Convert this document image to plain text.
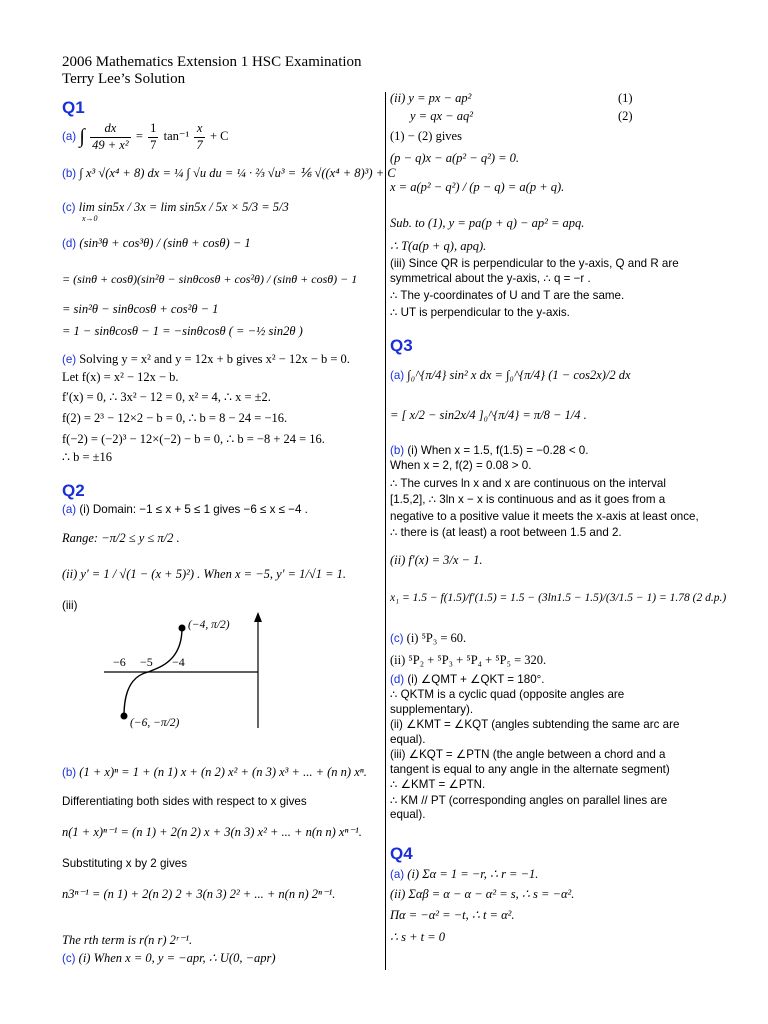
2006 Mathematics Extension 1 HSC Examination
Terry Lee’s Solution
Q1
(a) ∫ $\frac{dx}{\text{49 + x²}} = \frac{1}{7} \tan^{-1} \frac{x}{7} + C$
(b) ∫ x³ √(x⁴ + 8) dx = ¼ ∫ √u du = ¼ · ⅔ √u³ = ⅙ √((x⁴ + 8)³) + C
(c) lim sin5x / 3x = lim sin5x / 5x × 5/3 = 5/3
x→0
(d) (sin³θ + cos³θ) / (sinθ + cosθ) − 1
= (sinθ + cosθ)(sin²θ − sinθcosθ + cos²θ) / (sinθ + cosθ) − 1
= sin²θ − sinθcosθ + cos²θ − 1
= 1 − sinθcosθ − 1 = −sinθcosθ ( = −½ sin2θ )
(e) Solving y = x² and y = 12x + b gives x² − 12x − b = 0.
Let f(x) = x² − 12x − b.
f′(x) = 0, ∴ 3x² − 12 = 0, x² = 4, ∴ x = ±2.
f(2) = 2³ − 12×2 − b = 0, ∴ b = 8 − 24 = −16.
f(−2) = (−2)³ − 12×(−2) − b = 0, ∴ b = −8 + 24 = 16.
∴ b = ±16
Q2
(a) (i) Domain: −1 ≤ x + 5 ≤ 1 gives −6 ≤ x ≤ −4 .
Range: −π/2 ≤ y ≤ π/2 .
(ii) y′ = 1 / √(1 − (x + 5)²) . When x = −5, y′ = 1/√1 = 1.
(iii)
−6 −5 −4
(−4, π/2)
(−6, −π/2)
(b) (1 + x)ⁿ = 1 + (n 1) x + (n 2) x² + (n 3) x³ + ... + (n n) xⁿ.
Differentiating both sides with respect to x gives
n(1 + x)ⁿ⁻¹ = (n 1) + 2(n 2) x + 3(n 3) x² + ... + n(n n) xⁿ⁻¹.
Substituting x by 2 gives
n3ⁿ⁻¹ = (n 1) + 2(n 2) 2 + 3(n 3) 2² + ... + n(n n) 2ⁿ⁻¹.
The rth term is r(n r) 2ʳ⁻¹.
(c) (i) When x = 0, y = −apr, ∴ U(0, −apr)
(ii) y = px − ap²	(1)
y = qx − aq²	(2)
(1) − (2) gives
(p − q)x − a(p² − q²) = 0.
x = a(p² − q²) / (p − q) = a(p + q).
Sub. to (1), y = pa(p + q) − ap² = apq.
∴ T(a(p + q), apq).
(iii) Since QR is perpendicular to the y-axis, Q and R are
symmetrical about the y-axis, ∴ q = −r .
∴ The y-coordinates of U and T are the same.
∴ UT is perpendicular to the y-axis.
Q3
(a) ∫₀^{π/4} sin² x dx = ∫₀^{π/4} (1 − cos2x)/2 dx
= [ x/2 − sin2x/4 ]₀^{π/4} = π/8 − 1/4 .
(b) (i) When x = 1.5, f(1.5) = −0.28 < 0.
When x = 2, f(2) = 0.08 > 0.
∴ The curves ln x and x are continuous on the interval
[1.5,2], ∴ 3ln x − x is continuous and as it goes from a
negative to a positive value it meets the x-axis at least once,
∴ there is (at least) a root between 1.5 and 2.
(ii) f′(x) = 3/x − 1.
x₁ = 1.5 − f(1.5)/f′(1.5) = 1.5 − (3ln1.5 − 1.5)/(3/1.5 − 1) = 1.78 (2 d.p.)
(c) (i) ⁵P₃ = 60.
(ii) ⁵P₂ + ⁵P₃ + ⁵P₄ + ⁵P₅ = 320.
(d) (i) ∠QMT + ∠QKT = 180°.
∴ QKTM is a cyclic quad (opposite angles are
supplementary).
(ii) ∠KMT = ∠KQT (angles subtending the same arc are
equal).
(iii) ∠KQT = ∠PTN (the angle between a chord and a
tangent is equal to any angle in the alternate segment)
∴ ∠KMT = ∠PTN.
∴ KM // PT (corresponding angles on parallel lines are
equal).
Q4
(a) (i) Σα = 1 = −r, ∴ r = −1.
(ii) Σαβ = α − α − α² = s, ∴ s = −α².
Πα = −α² = −t, ∴ t = α².
∴ s + t = 0
